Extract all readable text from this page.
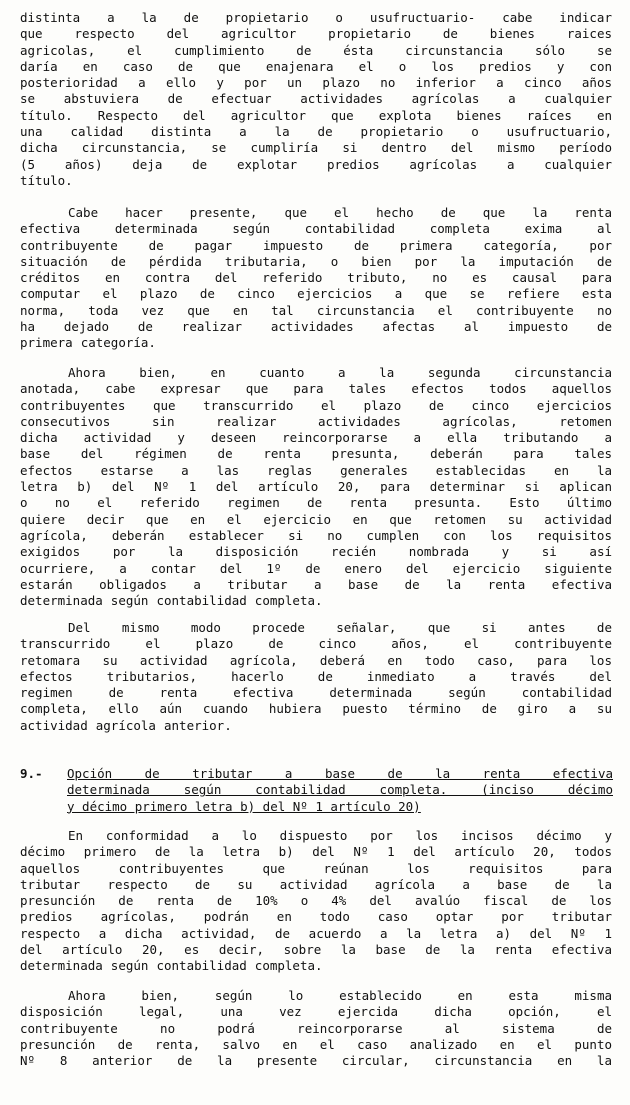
distinta a la de propietario o usufructuario- cabe indicar
que respecto del agricultor propietario de bienes raices
agricolas, el cumplimiento de ésta circunstancia sólo se
daría en caso de que enajenara el o los predios y con
posterioridad a ello y por un plazo no inferior a cinco años
se abstuviera de efectuar actividades agrícolas a cualquier
título. Respecto del agricultor que explota bienes raíces en
una calidad distinta a la de propietario o usufructuario,
dicha circunstancia, se cumpliría si dentro del mismo período
(5 años) deja de explotar predios agrícolas a cualquier
título.
Cabe hacer presente, que el hecho de que la renta
efectiva determinada según contabilidad completa exima al
contribuyente de pagar impuesto de primera categoría, por
situación de pérdida tributaria, o bien por la imputación de
créditos en contra del referido tributo, no es causal para
computar el plazo de cinco ejercicios a que se refiere esta
norma, toda vez que en tal circunstancia el contribuyente no
ha dejado de realizar actividades afectas al impuesto de
primera categoría.
Ahora bien, en cuanto a la segunda circunstancia
anotada, cabe expresar que para tales efectos todos aquellos
contribuyentes que transcurrido el plazo de cinco ejercicios
consecutivos sin realizar actividades agrícolas, retomen
dicha actividad y deseen reincorporarse a ella tributando a
base del régimen de renta presunta, deberán para tales
efectos estarse a las reglas generales establecidas en la
letra b) del Nº 1 del artículo 20, para determinar si aplican
o no el referido regimen de renta presunta. Esto último
quiere decir que en el ejercicio en que retomen su actividad
agrícola, deberán establecer si no cumplen con los requisitos
exigidos por la disposición recién nombrada y si así
ocurriere, a contar del 1º de enero del ejercicio siguiente
estarán obligados a tributar a base de la renta efectiva
determinada según contabilidad completa.
Del mismo modo procede señalar, que si antes de
transcurrido el plazo de cinco años, el contribuyente
retomara su actividad agrícola, deberá en todo caso, para los
efectos tributarios, hacerlo de inmediato a través del
regimen de renta efectiva determinada según contabilidad
completa, ello aún cuando hubiera puesto término de giro a su
actividad agrícola anterior.
9.- Opción de tributar a base de la renta efectiva
determinada según contabilidad completa. (inciso décimo
y décimo primero letra b) del Nº 1 artículo 20)
En conformidad a lo dispuesto por los incisos décimo y
décimo primero de la letra b) del Nº 1 del artículo 20, todos
aquellos contribuyentes que reúnan los requisitos para
tributar respecto de su actividad agrícola a base de la
presunción de renta de 10% o 4% del avalúo fiscal de los
predios agrícolas, podrán en todo caso optar por tributar
respecto a dicha actividad, de acuerdo a la letra a) del Nº 1
del artículo 20, es decir, sobre la base de la renta efectiva
determinada según contabilidad completa.
Ahora bien, según lo establecido en esta misma
disposición legal, una vez ejercida dicha opción, el
contribuyente no podrá reincorporarse al sistema de
presunción de renta, salvo en el caso analizado en el punto
Nº 8 anterior de la presente circular, circunstancia en la
